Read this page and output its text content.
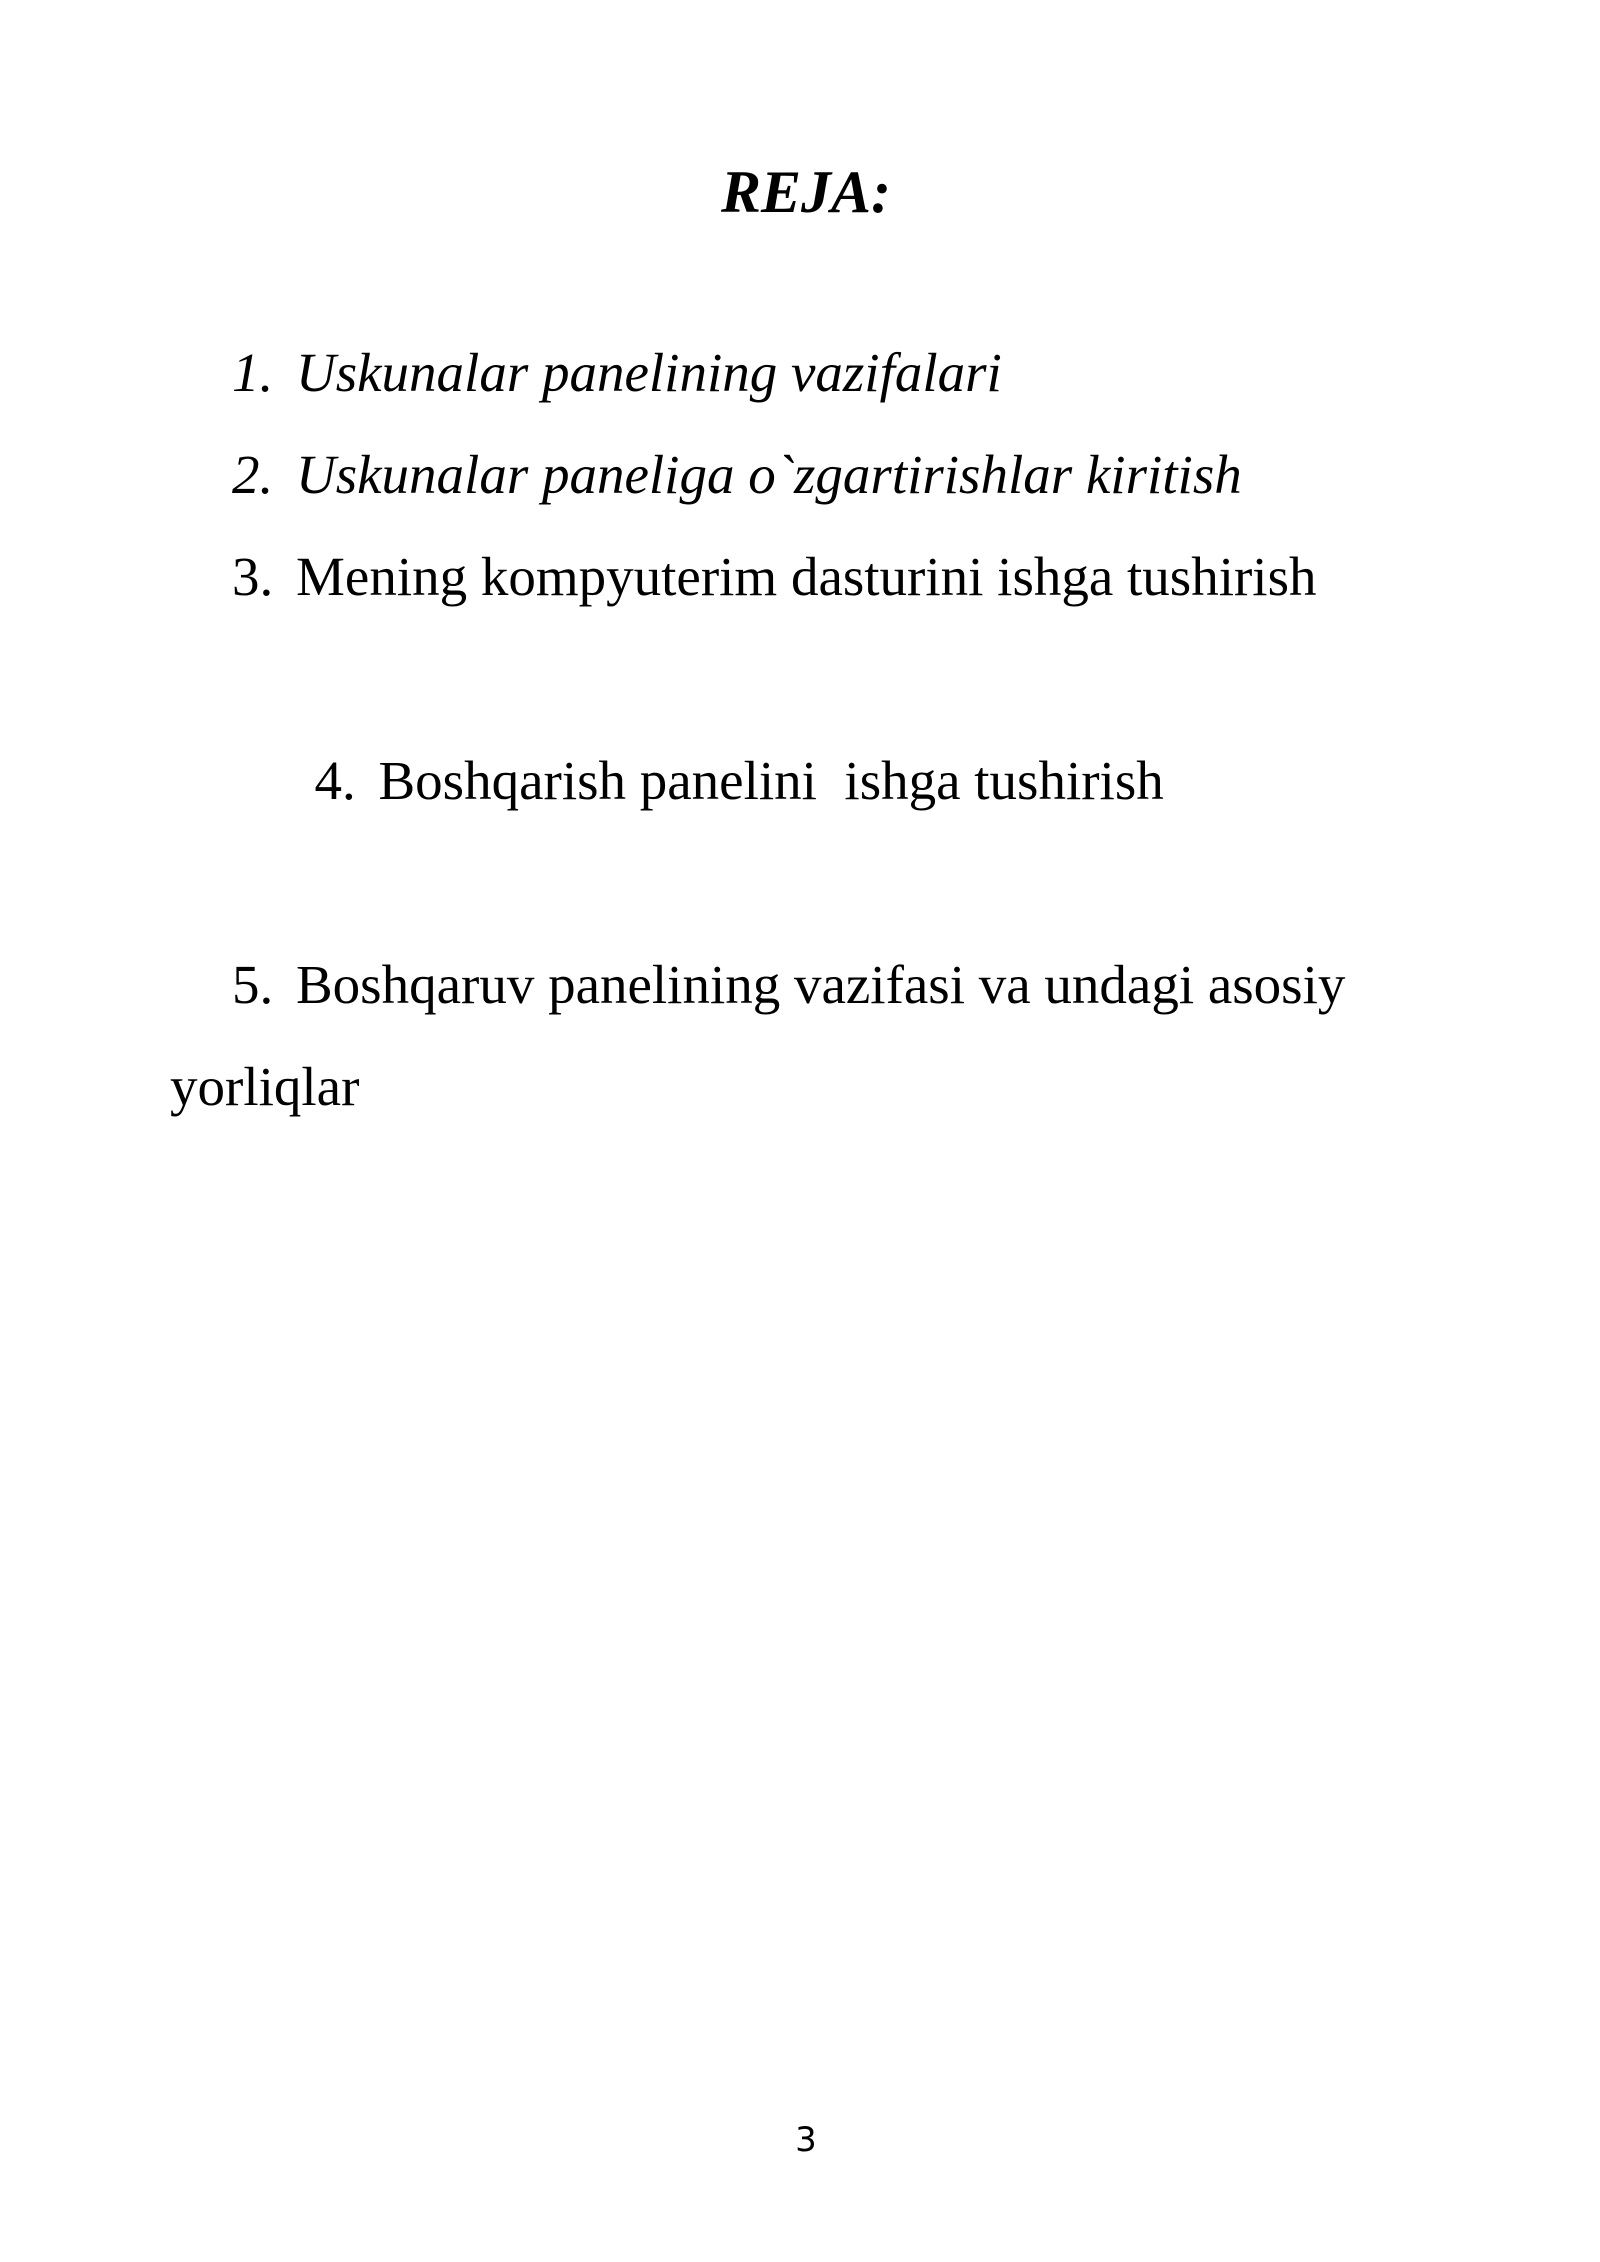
REJA:
1. Uskunalar panelining vazifalari
2. Uskunalar paneliga o`zgartirishlar kiritish
3. Mening kompyuterim dasturini ishga tushirish

4. Boshqarish panelini  ishga tushirish

5. Boshqaruv panelining vazifasi va undagi asosiy yorliqlar
3
